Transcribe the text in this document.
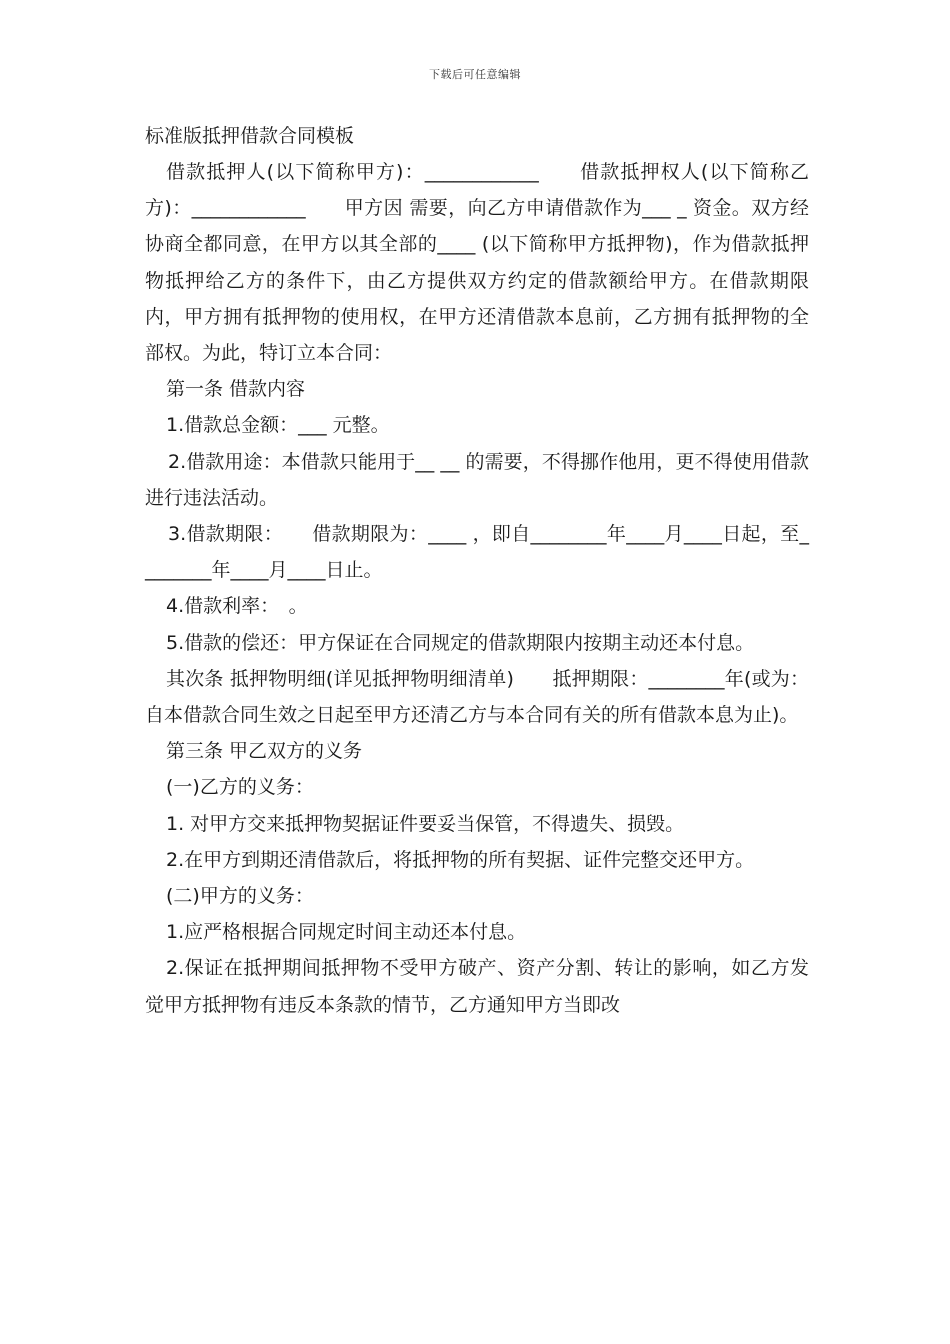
下载后可任意编辑

标准版抵押借款合同模板

借款抵押人(以下简称甲方)：____________　　借款抵押权人(以下简称乙方)：____________　　甲方因 需要，向乙方申请借款作为___ _ 资金。双方经协商全都同意，在甲方以其全部的____ (以下简称甲方抵押物)，作为借款抵押物抵押给乙方的条件下，由乙方提供双方约定的借款额给甲方。在借款期限内，甲方拥有抵押物的使用权，在甲方还清借款本息前，乙方拥有抵押物的全部权。为此，特订立本合同：

第一条 借款内容

1.借款总金额：___ 元整。

2.借款用途：本借款只能用于__ __ 的需要，不得挪作他用，更不得使用借款进行违法活动。

3.借款期限：　　借款期限为：____ ，即自________年____月____日起，至________年____月____日止。

4.借款利率：　。

5.借款的偿还：甲方保证在合同规定的借款期限内按期主动还本付息。

其次条 抵押物明细(详见抵押物明细清单)　　抵押期限：________年(或为：自本借款合同生效之日起至甲方还清乙方与本合同有关的所有借款本息为止)。

第三条 甲乙双方的义务

(一)乙方的义务：

1. 对甲方交来抵押物契据证件要妥当保管，不得遗失、损毁。

2.在甲方到期还清借款后，将抵押物的所有契据、证件完整交还甲方。

(二)甲方的义务：

1.应严格根据合同规定时间主动还本付息。

2.保证在抵押期间抵押物不受甲方破产、资产分割、转让的影响，如乙方发觉甲方抵押物有违反本条款的情节，乙方通知甲方当即改
